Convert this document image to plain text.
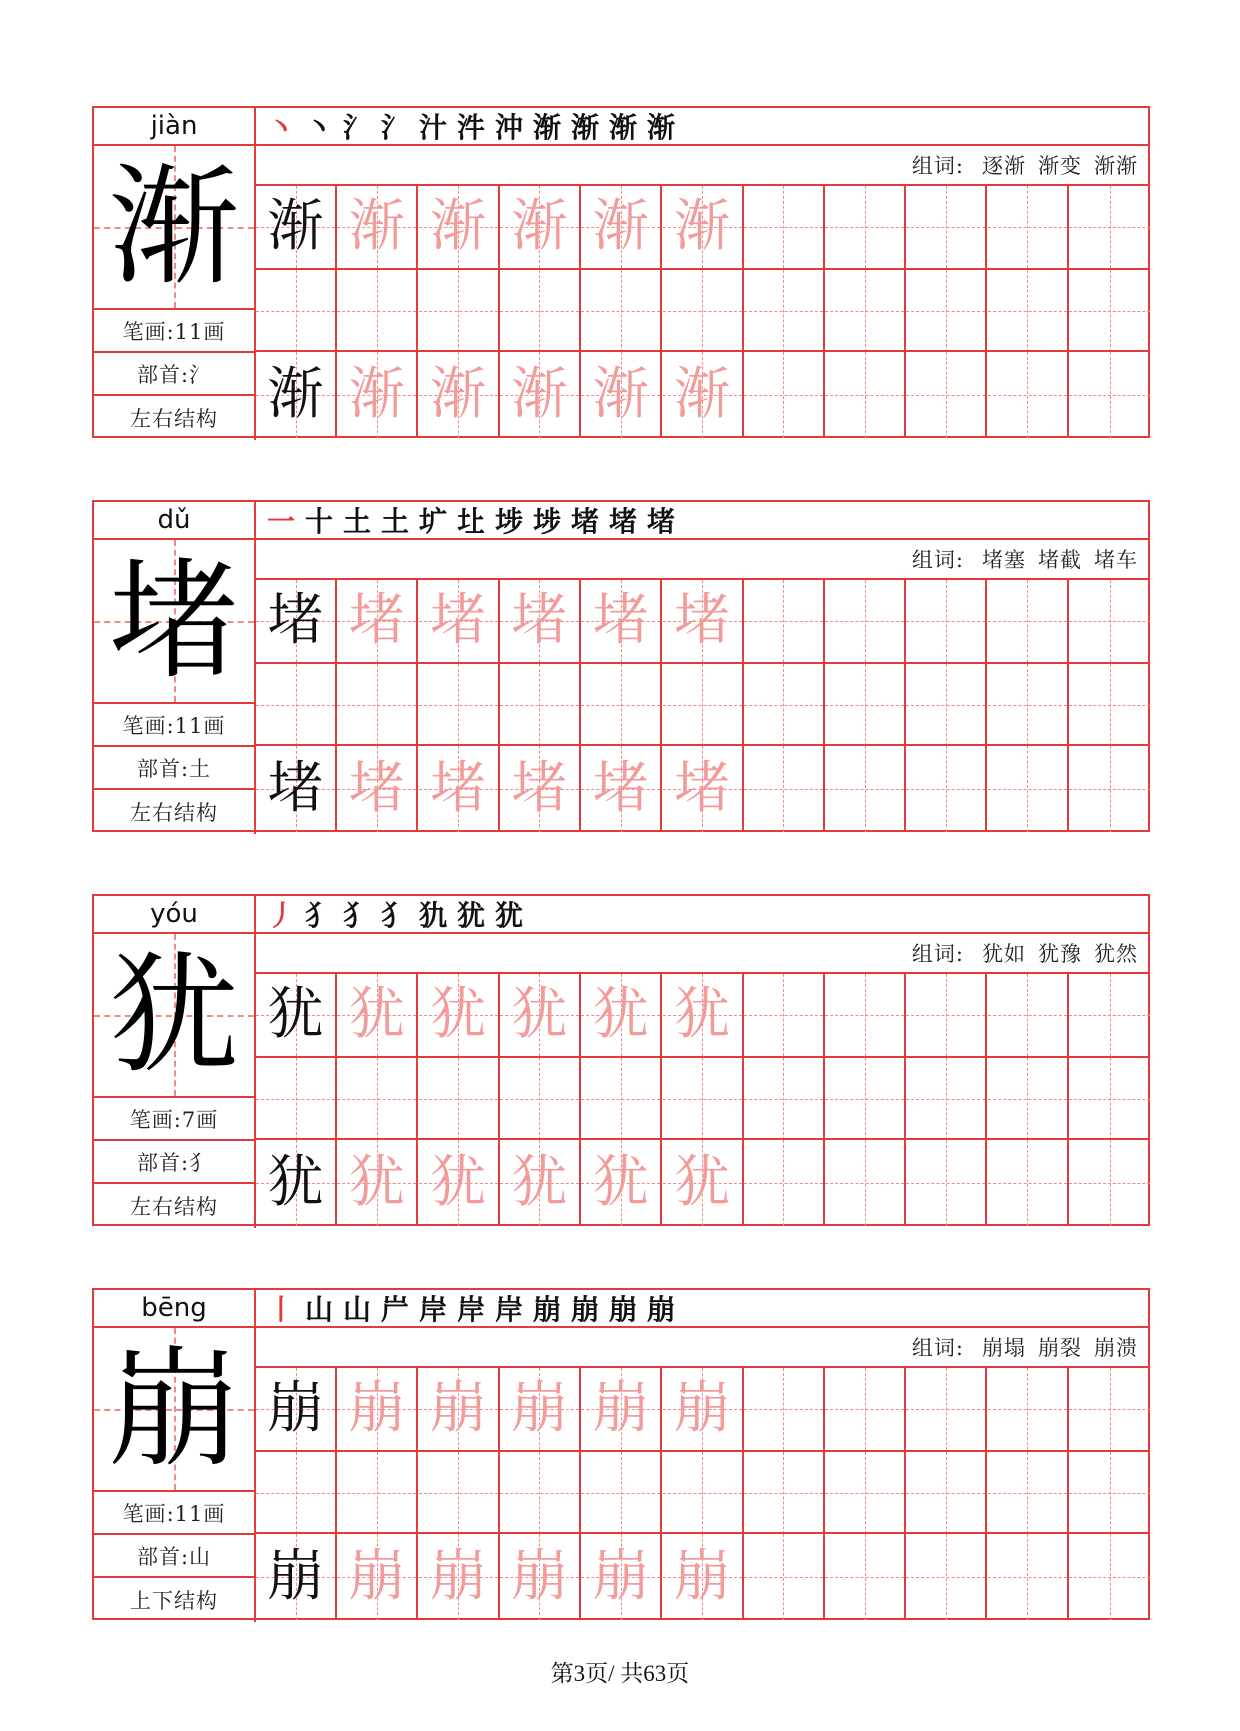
jiàn
渐
笔画:11画
部首:氵
左右结构
丶 丶 氵 氵 汁 汼 沖 渐 渐 渐 渐
组词: 逐渐 渐变 渐渐
渐 渐 渐 渐 渐 渐
渐 渐 渐 渐 渐 渐
dǔ
堵
笔画:11画
部首:土
左右结构
一 十 土 土 圹 圵 埗 埗 堵 堵 堵
组词: 堵塞 堵截 堵车
堵 堵 堵 堵 堵 堵
堵 堵 堵 堵 堵 堵
yóu
犹
笔画:7画
部首:犭
左右结构
丿 犭 犭 犭 犰 犹 犹
组词: 犹如 犹豫 犹然
犹 犹 犹 犹 犹 犹
犹 犹 犹 犹 犹 犹
bēng
崩
笔画:11画
部首:山
上下结构
丨 山 山 屵 岸 岸 岸 崩 崩 崩 崩
组词: 崩塌 崩裂 崩溃
崩 崩 崩 崩 崩 崩
崩 崩 崩 崩 崩 崩
第3页/ 共63页
